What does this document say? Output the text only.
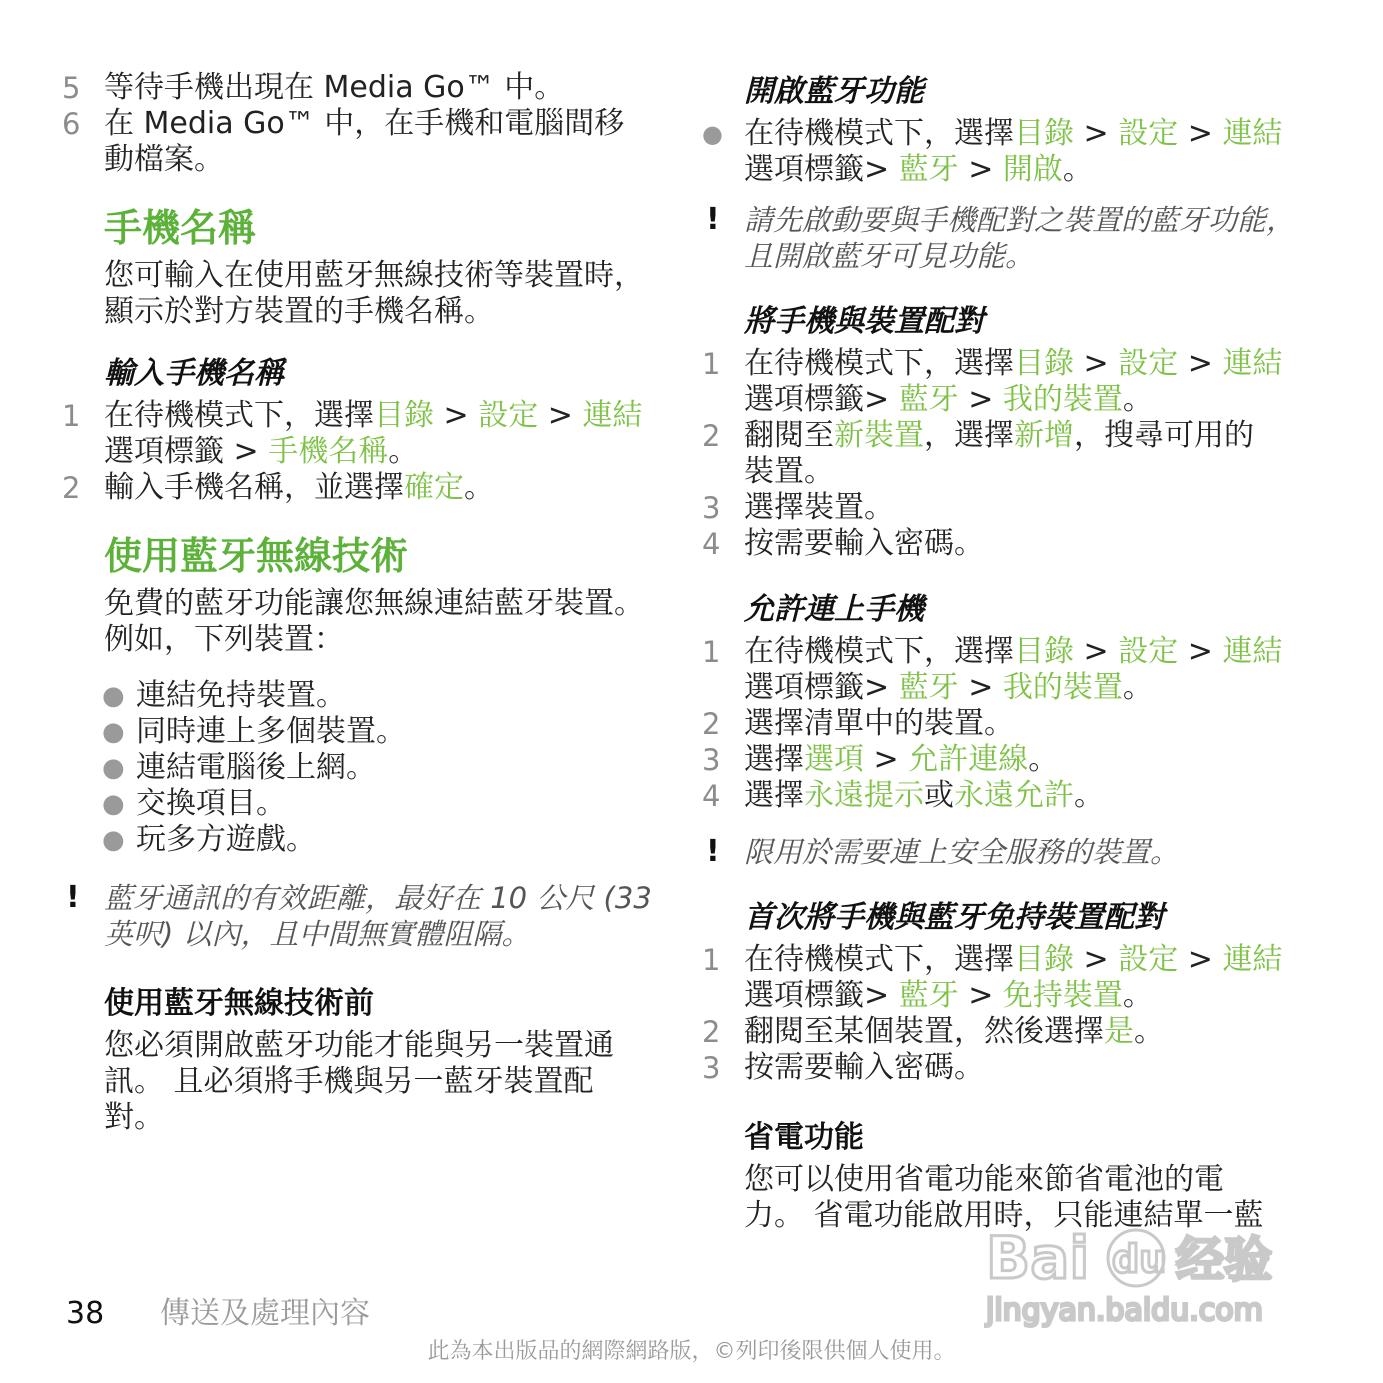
5 等待手機出現在 Media Go™ 中。
6 在 Media Go™ 中，在手機和電腦間移
動檔案。
手機名稱
您可輸入在使用藍牙無線技術等裝置時，
顯示於對方裝置的手機名稱。
輸入手機名稱
1 在待機模式下，選擇目錄 > 設定 > 連結
選項標籤 > 手機名稱。
2 輸入手機名稱，並選擇確定。
使用藍牙無線技術
免費的藍牙功能讓您無線連結藍牙裝置。
例如，下列裝置：
● 連結免持裝置。
● 同時連上多個裝置。
● 連結電腦後上網。
● 交換項目。
● 玩多方遊戲。
! 藍牙通訊的有效距離，最好在 10 公尺 (33
英呎) 以內，且中間無實體阻隔。
使用藍牙無線技術前
您必須開啟藍牙功能才能與另一裝置通
訊。 且必須將手機與另一藍牙裝置配
對。
開啟藍牙功能
● 在待機模式下，選擇目錄 > 設定 > 連結
選項標籤> 藍牙 > 開啟。
! 請先啟動要與手機配對之裝置的藍牙功能，
且開啟藍牙可見功能。
將手機與裝置配對
1 在待機模式下，選擇目錄 > 設定 > 連結
選項標籤> 藍牙 > 我的裝置。
2 翻閱至新裝置，選擇新增，搜尋可用的
裝置。
3 選擇裝置。
4 按需要輸入密碼。
允許連上手機
1 在待機模式下，選擇目錄 > 設定 > 連結
選項標籤> 藍牙 > 我的裝置。
2 選擇清單中的裝置。
3 選擇選項 > 允許連線。
4 選擇永遠提示或永遠允許。
! 限用於需要連上安全服務的裝置。
首次將手機與藍牙免持裝置配對
1 在待機模式下，選擇目錄 > 設定 > 連結
選項標籤> 藍牙 > 免持裝置。
2 翻閱至某個裝置，然後選擇是。
3 按需要輸入密碼。
省電功能
您可以使用省電功能來節省電池的電
力。 省電功能啟用時，只能連結單一藍
Bai du 经验
jingyan.baidu.com
38 傳送及處理內容
此為本出版品的網際網路版，©列印後限供個人使用。
